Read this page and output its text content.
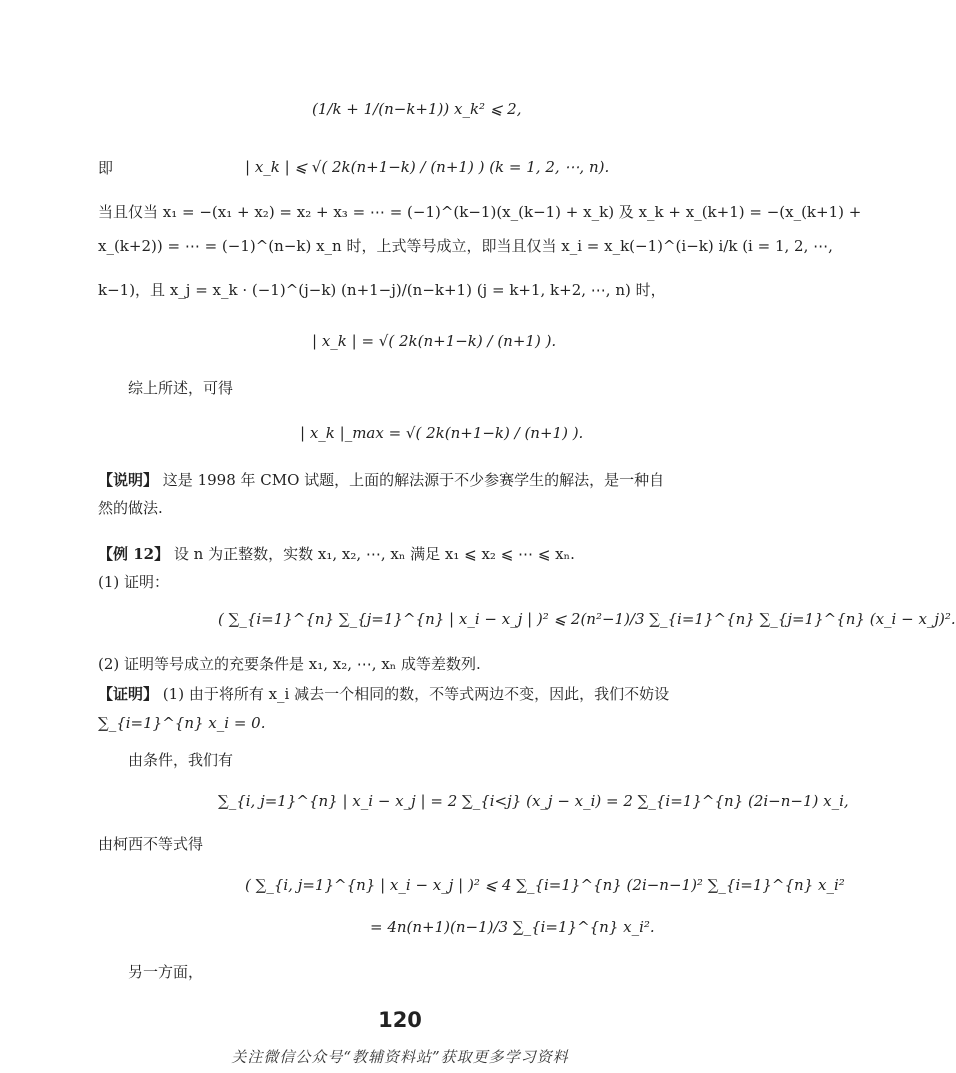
(1/k + 1/(n−k+1)) x_k² ⩽ 2,
即	| x_k | ⩽ √( 2k(n+1−k) / (n+1) ) (k = 1, 2, ⋯, n).
当且仅当 x₁ = −(x₁ + x₂) = x₂ + x₃ = ⋯ = (−1)^(k−1)(x_(k−1) + x_k) 及 x_k + x_(k+1) = −(x_(k+1) +
x_(k+2)) = ⋯ = (−1)^(n−k) x_n 时，上式等号成立，即当且仅当 x_i = x_k(−1)^(i−k) i/k (i = 1, 2, ⋯,
k−1)，且 x_j = x_k · (−1)^(j−k) (n+1−j)/(n−k+1) (j = k+1, k+2, ⋯, n) 时，
| x_k | = √( 2k(n+1−k) / (n+1) ).
综上所述，可得
| x_k |_max = √( 2k(n+1−k) / (n+1) ).
【说明】 这是 1998 年 CMO 试题，上面的解法源于不少参赛学生的解法，是一种自
然的做法.
【例 12】 设 n 为正整数，实数 x₁, x₂, ⋯, xₙ 满足 x₁ ⩽ x₂ ⩽ ⋯ ⩽ xₙ.
(1) 证明：
( ∑_{i=1}^{n} ∑_{j=1}^{n} | x_i − x_j | )² ⩽ 2(n²−1)/3 ∑_{i=1}^{n} ∑_{j=1}^{n} (x_i − x_j)².
(2) 证明等号成立的充要条件是 x₁, x₂, ⋯, xₙ 成等差数列.
【证明】 (1) 由于将所有 x_i 减去一个相同的数，不等式两边不变，因此，我们不妨设
∑_{i=1}^{n} x_i = 0.
由条件，我们有
∑_{i, j=1}^{n} | x_i − x_j | = 2 ∑_{i<j} (x_j − x_i) = 2 ∑_{i=1}^{n} (2i−n−1) x_i,
由柯西不等式得
( ∑_{i, j=1}^{n} | x_i − x_j | )² ⩽ 4 ∑_{i=1}^{n} (2i−n−1)² ∑_{i=1}^{n} x_i²
= 4n(n+1)(n−1)/3 ∑_{i=1}^{n} x_i².
另一方面，
120
关注微信公众号“教辅资料站”获取更多学习资料
